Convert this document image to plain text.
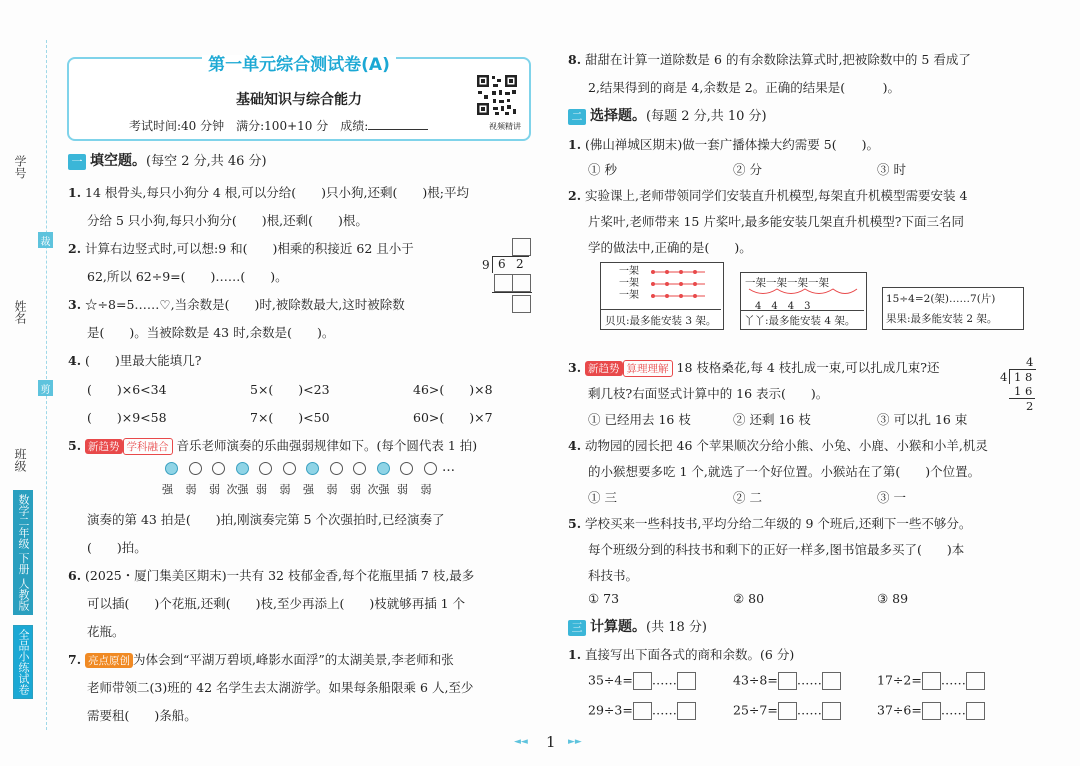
学号
姓名
班级
裁
剪
数学二年级 下册 人教版
全品小练试卷
第一单元综合测试卷(A)
基础知识与综合能力
考试时间:40 分钟　满分:100+10 分　成绩:	视频精讲
一 填空题。(每空 2 分,共 46 分)
1. 14 根骨头,每只小狗分 4 根,可以分给(　　)只小狗,还剩(　　)根;平均
分给 5 只小狗,每只小狗分(　　)根,还剩(　　)根。
2. 计算右边竖式时,可以想:9 和(　　)相乘的积接近 62 且小于
62,所以 62÷9=(　　)……(　　)。
9 6 2
3. ☆÷8=5……♡,当余数是(　　)时,被除数最大,这时被除数
是(　　)。当被除数是 43 时,余数是(　　)。
4. (　　)里最大能填几?
(　　)×6<34	5×(　　)<23	46>(　　)×8
(　　)×9<58	7×(　　)<50	60>(　　)×7
5. 新趋势 学科融合 音乐老师演奏的乐曲强弱规律如下。(每个圆代表 1 拍)
强 弱 弱 次强 弱 弱 强 弱 弱 次强 弱 弱
…
演奏的第 43 拍是(　　)拍,刚演奏完第 5 个次强拍时,已经演奏了
(　　)拍。
6. (2025・厦门集美区期末)一共有 32 枝郁金香,每个花瓶里插 7 枝,最多
可以插(　　)个花瓶,还剩(　　)枝,至少再添上(　　)枝就够再插 1 个
花瓶。
7. 亮点原创 为体会到“平湖万碧顷,峰影水面浮”的太湖美景,李老师和张
老师带领二(3)班的 42 名学生去太湖游学。如果每条船限乘 6 人,至少
需要租(　　)条船。
8. 甜甜在计算一道除数是 6 的有余数除法算式时,把被除数中的 5 看成了
2,结果得到的商是 4,余数是 2。正确的结果是(　　　)。
二 选择题。(每题 2 分,共 10 分)
1. (佛山禅城区期末)做一套广播体操大约需要 5(　　)。
① 秒	② 分	③ 时
2. 实验课上,老师带领同学们安装直升机模型,每架直升机模型需要安装 4
片桨叶,老师带来 15 片桨叶,最多能安装几架直升机模型?下面三名同
学的做法中,正确的是(　　)。
一架
一架
一架
贝贝:最多能安装 3 架。
一架一架一架一架
4　4　4　3
丫丫:最多能安装 4 架。
15÷4=2(架)……7(片)
果果:最多能安装 2 架。
3. 新趋势 算理理解 18 枝格桑花,每 4 枝扎成一束,可以扎成几束?还
剩几枝?右面竖式计算中的 16 表示(　　)。
4
4 1 8
1 6
2
① 已经用去 16 枝	② 还剩 16 枝	③ 可以扎 16 束
4. 动物园的园长把 46 个苹果顺次分给小熊、小兔、小鹿、小猴和小羊,机灵
的小猴想要多吃 1 个,就选了一个好位置。小猴站在了第(　　)个位置。
① 三	② 二	③ 一
5. 学校买来一些科技书,平均分给二年级的 9 个班后,还剩下一些不够分。
每个班级分到的科技书和剩下的正好一样多,图书馆最多买了(　　)本
科技书。
① 73	② 80	③ 89
三 计算题。(共 18 分)
1. 直接写出下面各式的商和余数。(6 分)
35÷4= ……	43÷8= ……	17÷2= ……
29÷3= ……	25÷7= ……	37÷6= ……
◄◄ 1 ►►
